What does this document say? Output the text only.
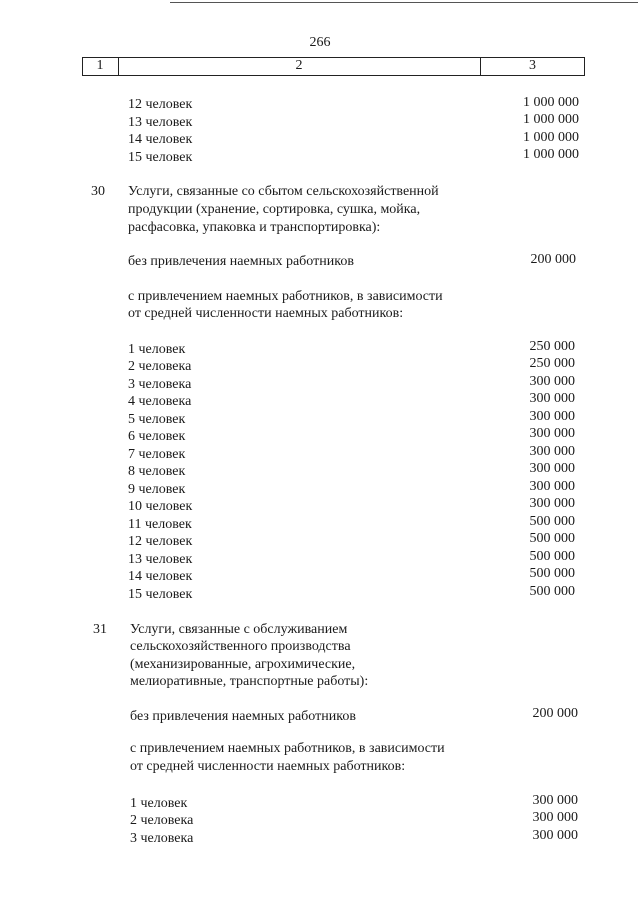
266
1	2	3
12 человек	1 000 000
13 человек	1 000 000
14 человек	1 000 000
15 человек	1 000 000
30 Услуги, связанные со сбытом сельскохозяйственной
продукции (хранение, сортировка, сушка, мойка,
расфасовка, упаковка и транспортировка):
без привлечения наемных работников	200 000
с привлечением наемных работников, в зависимости
от средней численности наемных работников:
1 человек	250 000
2 человека	250 000
3 человека	300 000
4 человека	300 000
5 человек	300 000
6 человек	300 000
7 человек	300 000
8 человек	300 000
9 человек	300 000
10 человек	300 000
11 человек	500 000
12 человек	500 000
13 человек	500 000
14 человек	500 000
15 человек	500 000
31 Услуги, связанные с обслуживанием
сельскохозяйственного производства
(механизированные, агрохимические,
мелиоративные, транспортные работы):
без привлечения наемных работников	200 000
с привлечением наемных работников, в зависимости
от средней численности наемных работников:
1 человек	300 000
2 человека	300 000
3 человека	300 000
